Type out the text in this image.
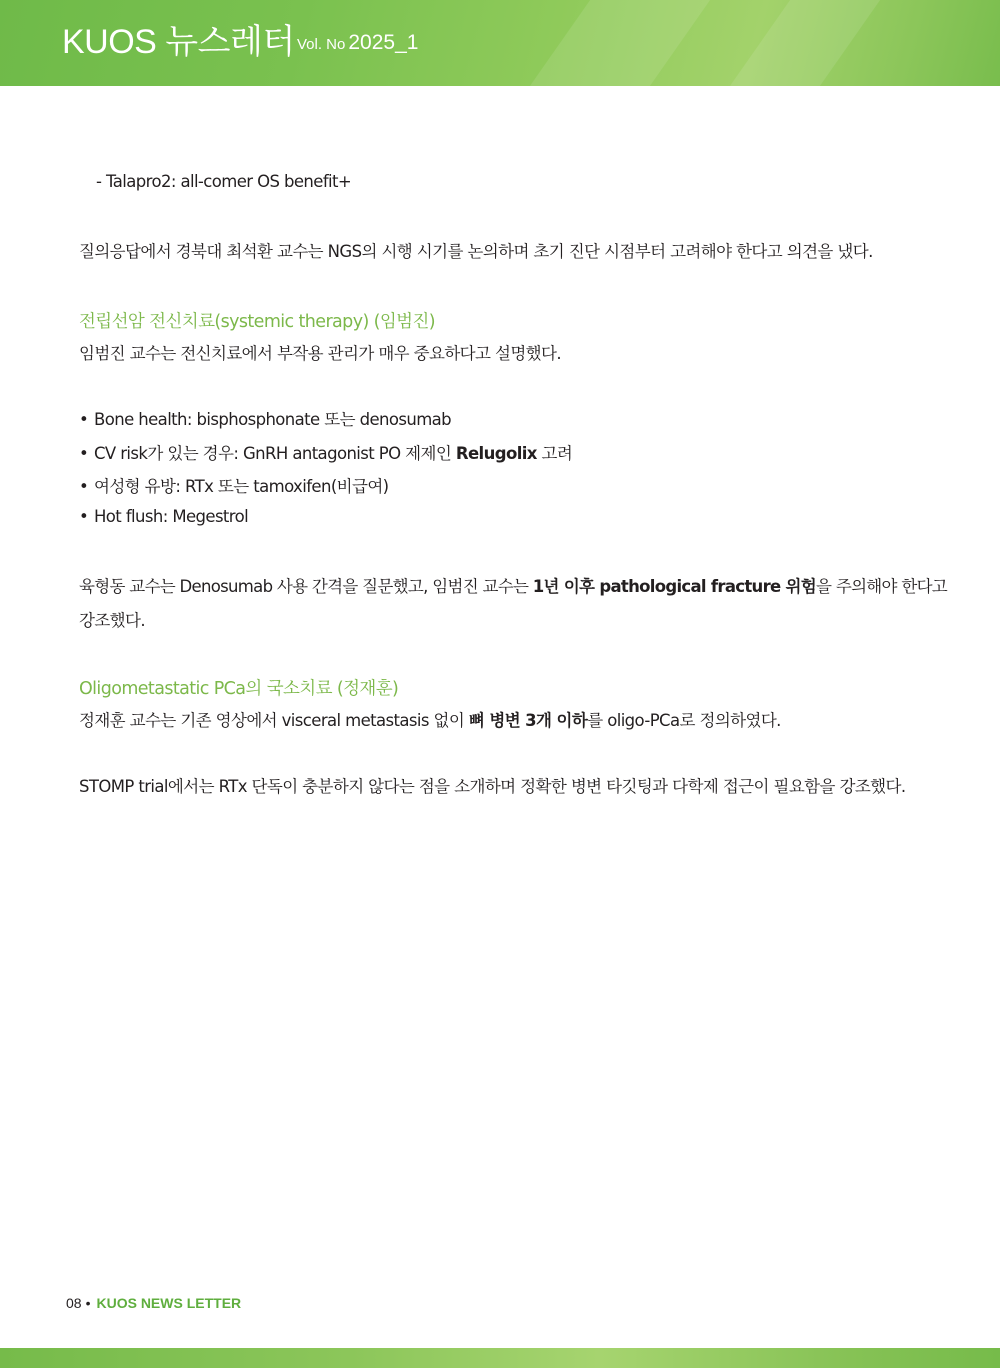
KUOS 뉴스레터 Vol. No 2025_1
- Talapro2: all-comer OS benefit+
질의응답에서 경북대 최석환 교수는 NGS의 시행 시기를 논의하며 초기 진단 시점부터 고려해야 한다고 의견을 냈다.
전립선암 전신치료(systemic therapy) (임범진)
임범진 교수는 전신치료에서 부작용 관리가 매우 중요하다고 설명했다.
• Bone health: bisphosphonate 또는 denosumab
• CV risk가 있는 경우: GnRH antagonist PO 제제인 Relugolix 고려
• 여성형 유방: RTx 또는 tamoxifen(비급여)
• Hot flush: Megestrol
육형동 교수는 Denosumab 사용 간격을 질문했고, 임범진 교수는 1년 이후 pathological fracture 위험을 주의해야 한다고
강조했다.
Oligometastatic PCa의 국소치료 (정재훈)
정재훈 교수는 기존 영상에서 visceral metastasis 없이 뼈 병변 3개 이하를 oligo-PCa로 정의하였다.
STOMP trial에서는 RTx 단독이 충분하지 않다는 점을 소개하며 정확한 병변 타깃팅과 다학제 접근이 필요함을 강조했다.
08 • KUOS NEWS LETTER
